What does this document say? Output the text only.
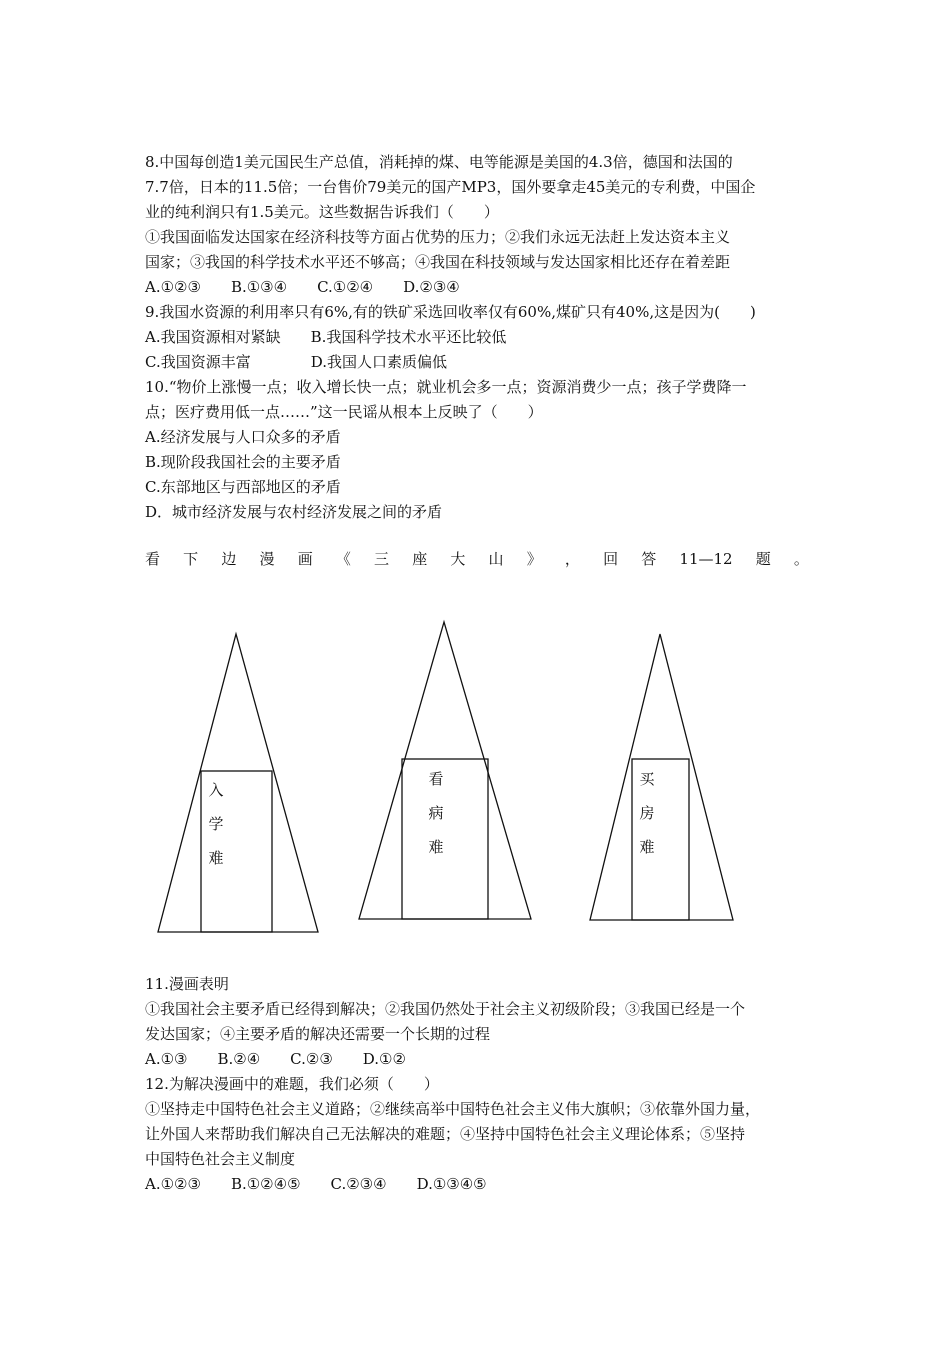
8.中国每创造1美元国民生产总值，消耗掉的煤、电等能源是美国的4.3倍，德国和法国的

7.7倍，日本的11.5倍；一台售价79美元的国产MP3，国外要拿走45美元的专利费，中国企

业的纯利润只有1.5美元。这些数据告诉我们（　　）

①我国面临发达国家在经济科技等方面占优势的压力；②我们永远无法赶上发达资本主义

国家；③我国的科学技术水平还不够高；④我国在科技领域与发达国家相比还存在着差距

A.①②③　　B.①③④　　C.①②④　　D.②③④

9.我国水资源的利用率只有6%,有的铁矿采选回收率仅有60%,煤矿只有40%,这是因为(　　)

A.我国资源相对紧缺　　B.我国科学技术水平还比较低

C.我国资源丰富　　　　D.我国人口素质偏低

10.“物价上涨慢一点；收入增长快一点；就业机会多一点；资源消费少一点；孩子学费降一

点；医疗费用低一点……”这一民谣从根本上反映了（　　）

A.经济发展与人口众多的矛盾

B.现阶段我国社会的主要矛盾

C.东部地区与西部地区的矛盾

D．城市经济发展与农村经济发展之间的矛盾

看 下 边 漫 画 《 三 座 大 山 》 ， 回 答 11—12 题 。
入
学
难
看
病
难
买
房
难

11.漫画表明

①我国社会主要矛盾已经得到解决；②我国仍然处于社会主义初级阶段；③我国已经是一个

发达国家；④主要矛盾的解决还需要一个长期的过程

A.①③　　B.②④　　C.②③　　D.①②

12.为解决漫画中的难题，我们必须（　　）

①坚持走中国特色社会主义道路；②继续高举中国特色社会主义伟大旗帜；③依靠外国力量，

让外国人来帮助我们解决自己无法解决的难题；④坚持中国特色社会主义理论体系；⑤坚持

中国特色社会主义制度

A.①②③　　B.①②④⑤　　C.②③④　　D.①③④⑤
